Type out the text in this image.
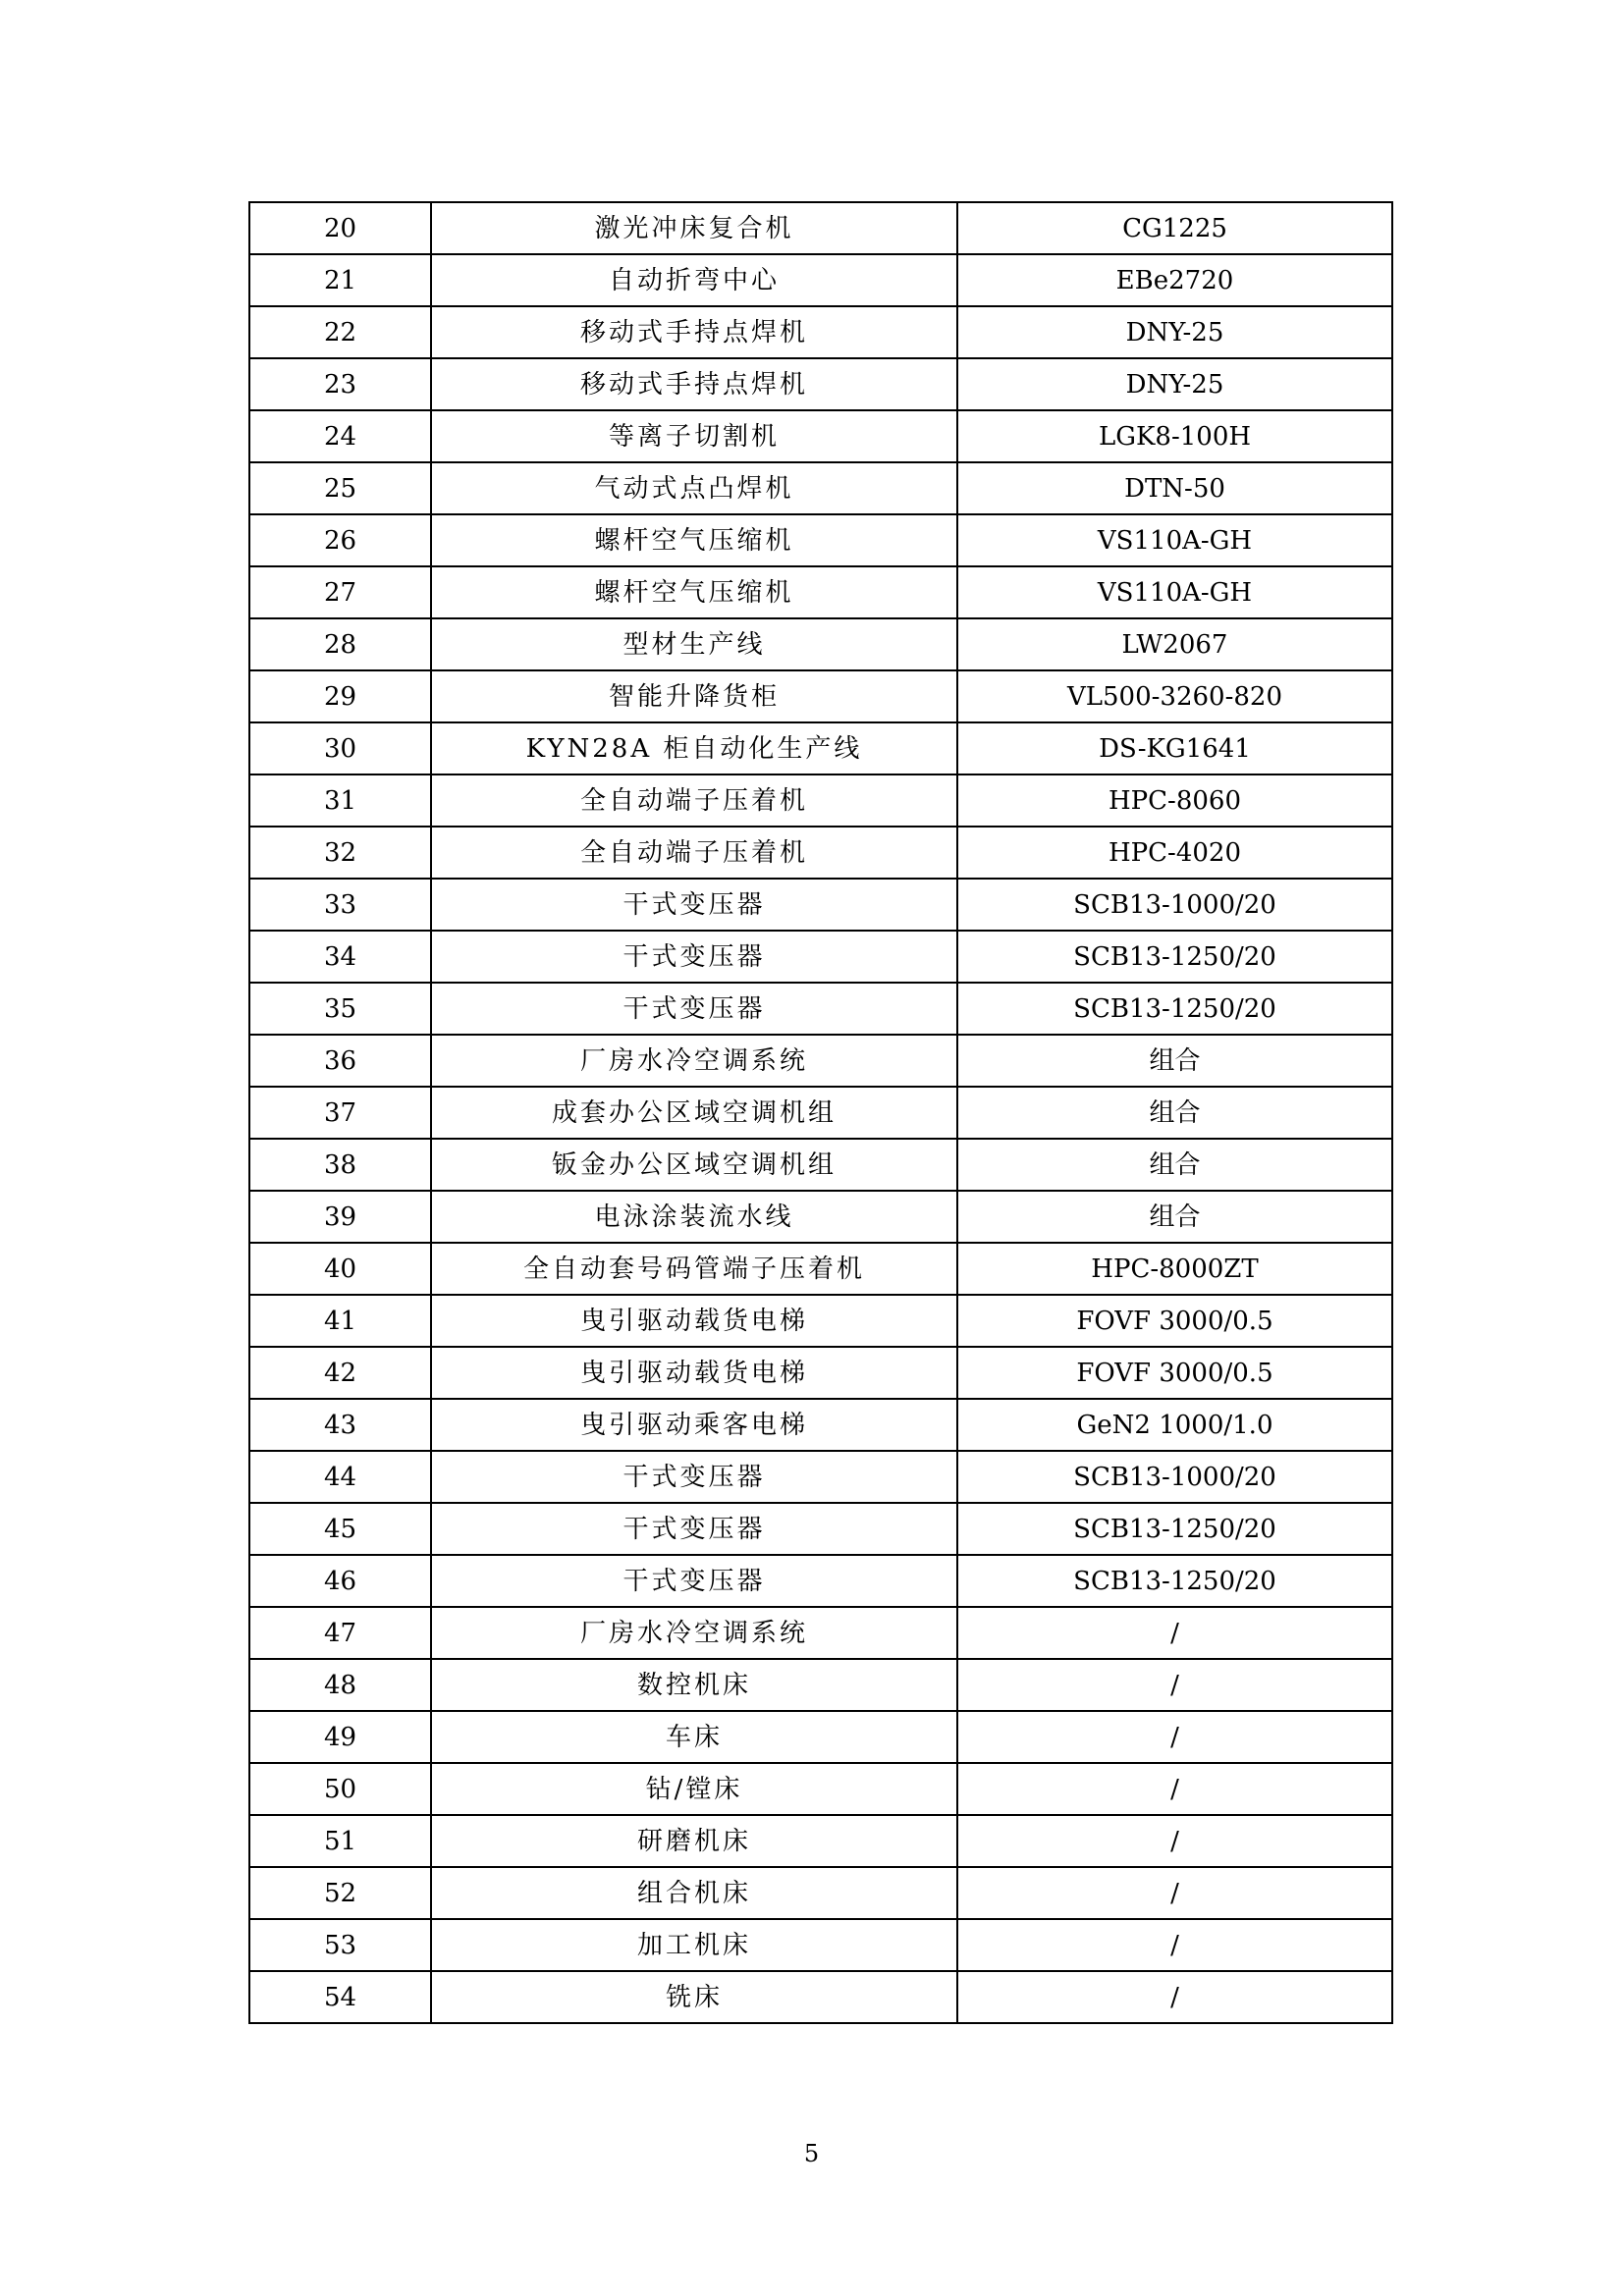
20	激光冲床复合机	CG1225
21	自动折弯中心	EBe2720
22	移动式手持点焊机	DNY-25
23	移动式手持点焊机	DNY-25
24	等离子切割机	LGK8-100H
25	气动式点凸焊机	DTN-50
26	螺杆空气压缩机	VS110A-GH
27	螺杆空气压缩机	VS110A-GH
28	型材生产线	LW2067
29	智能升降货柜	VL500-3260-820
30	KYN28A 柜自动化生产线	DS-KG1641
31	全自动端子压着机	HPC-8060
32	全自动端子压着机	HPC-4020
33	干式变压器	SCB13-1000/20
34	干式变压器	SCB13-1250/20
35	干式变压器	SCB13-1250/20
36	厂房水冷空调系统	组合
37	成套办公区域空调机组	组合
38	钣金办公区域空调机组	组合
39	电泳涂装流水线	组合
40	全自动套号码管端子压着机	HPC-8000ZT
41	曳引驱动载货电梯	FOVF 3000/0.5
42	曳引驱动载货电梯	FOVF 3000/0.5
43	曳引驱动乘客电梯	GeN2 1000/1.0
44	干式变压器	SCB13-1000/20
45	干式变压器	SCB13-1250/20
46	干式变压器	SCB13-1250/20
47	厂房水冷空调系统	/
48	数控机床	/
49	车床	/
50	钻/镗床	/
51	研磨机床	/
52	组合机床	/
53	加工机床	/
54	铣床	/
5
